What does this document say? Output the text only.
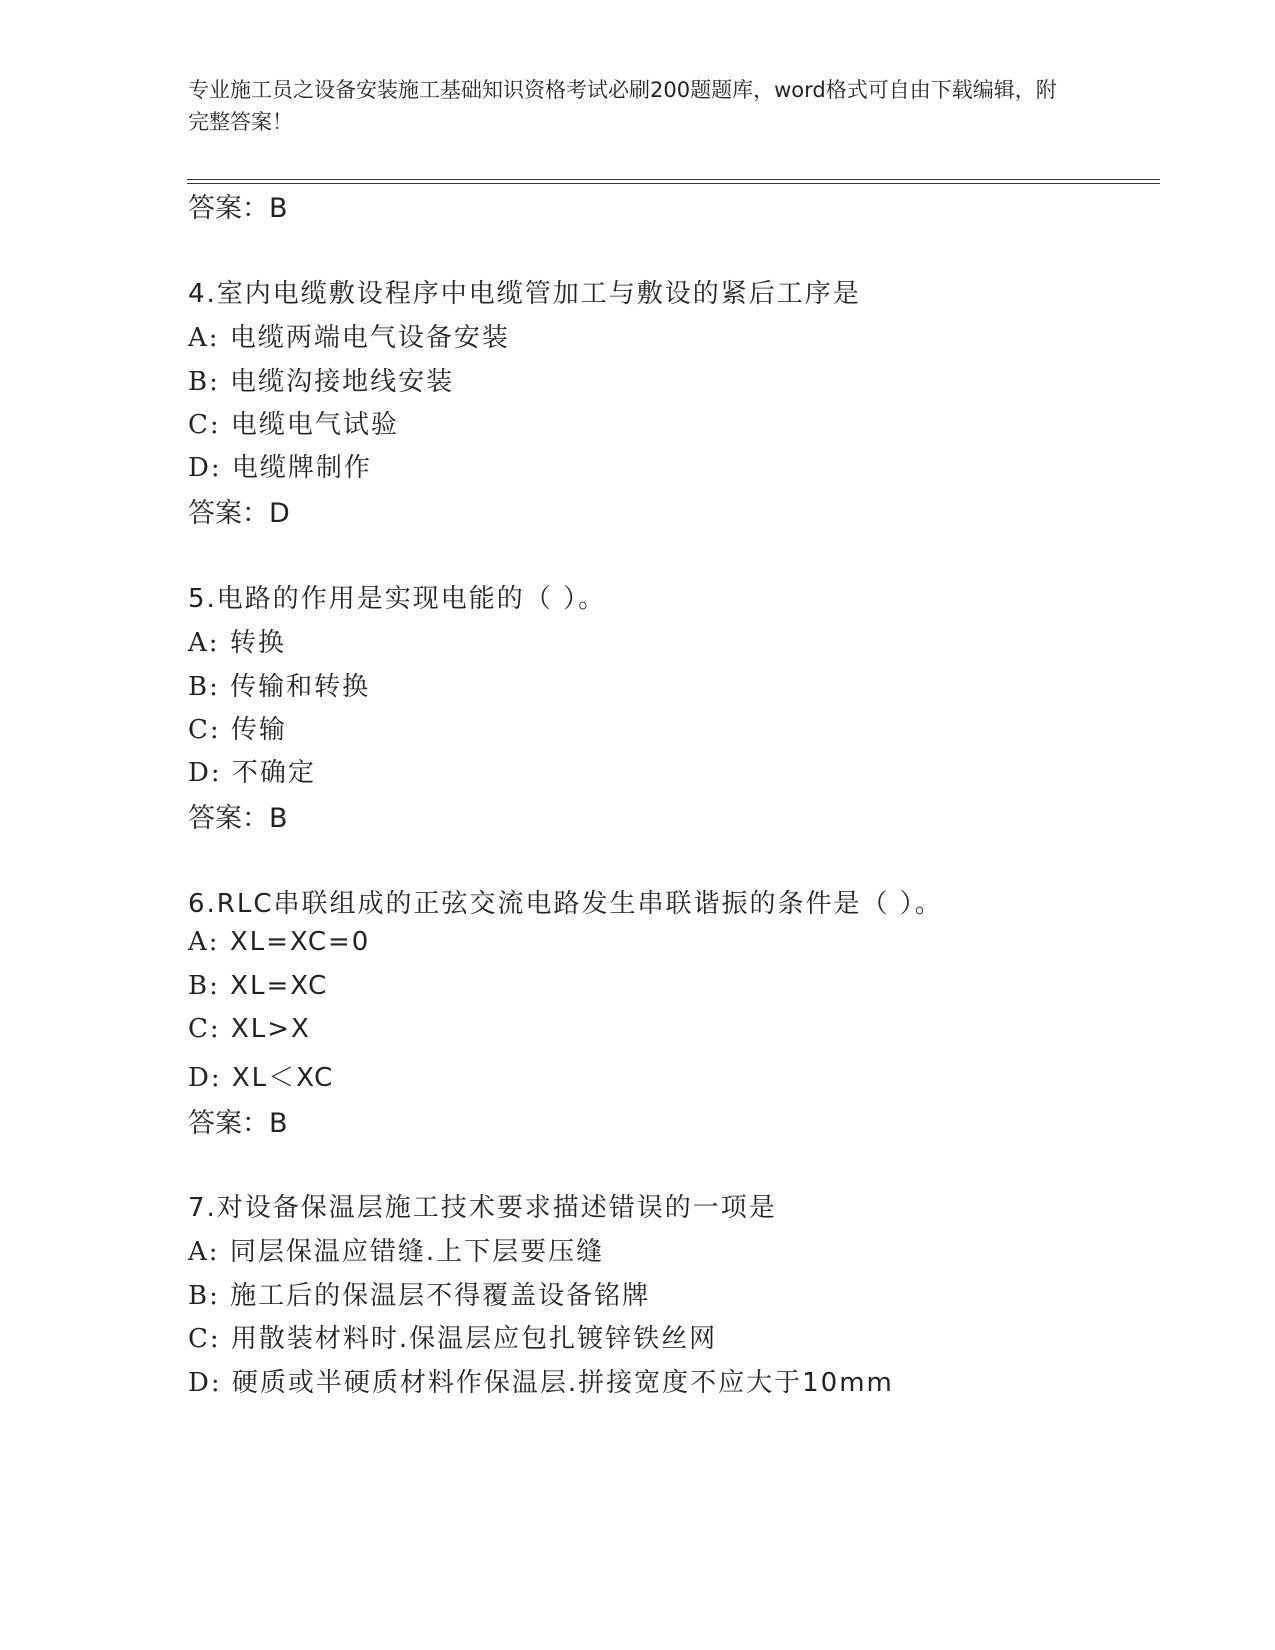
专业施工员之设备安装施工基础知识资格考试必刷200题题库，word格式可自由下载编辑，附完整答案！
答案：B
4.室内电缆敷设程序中电缆管加工与敷设的紧后工序是
A: 电缆两端电气设备安装
B: 电缆沟接地线安装
C: 电缆电气试验
D: 电缆牌制作
答案：D
5.电路的作用是实现电能的（ ）。
A: 转换
B: 传输和转换
C: 传输
D: 不确定
答案：B
6.RLC串联组成的正弦交流电路发生串联谐振的条件是（ ）。
A: XL=XC=0
B: XL=XC
C: XL>X
D: XL＜XC
答案：B
7.对设备保温层施工技术要求描述错误的一项是
A: 同层保温应错缝.上下层要压缝
B: 施工后的保温层不得覆盖设备铭牌
C: 用散装材料时.保温层应包扎镀锌铁丝网
D: 硬质或半硬质材料作保温层.拼接宽度不应大于10mm
